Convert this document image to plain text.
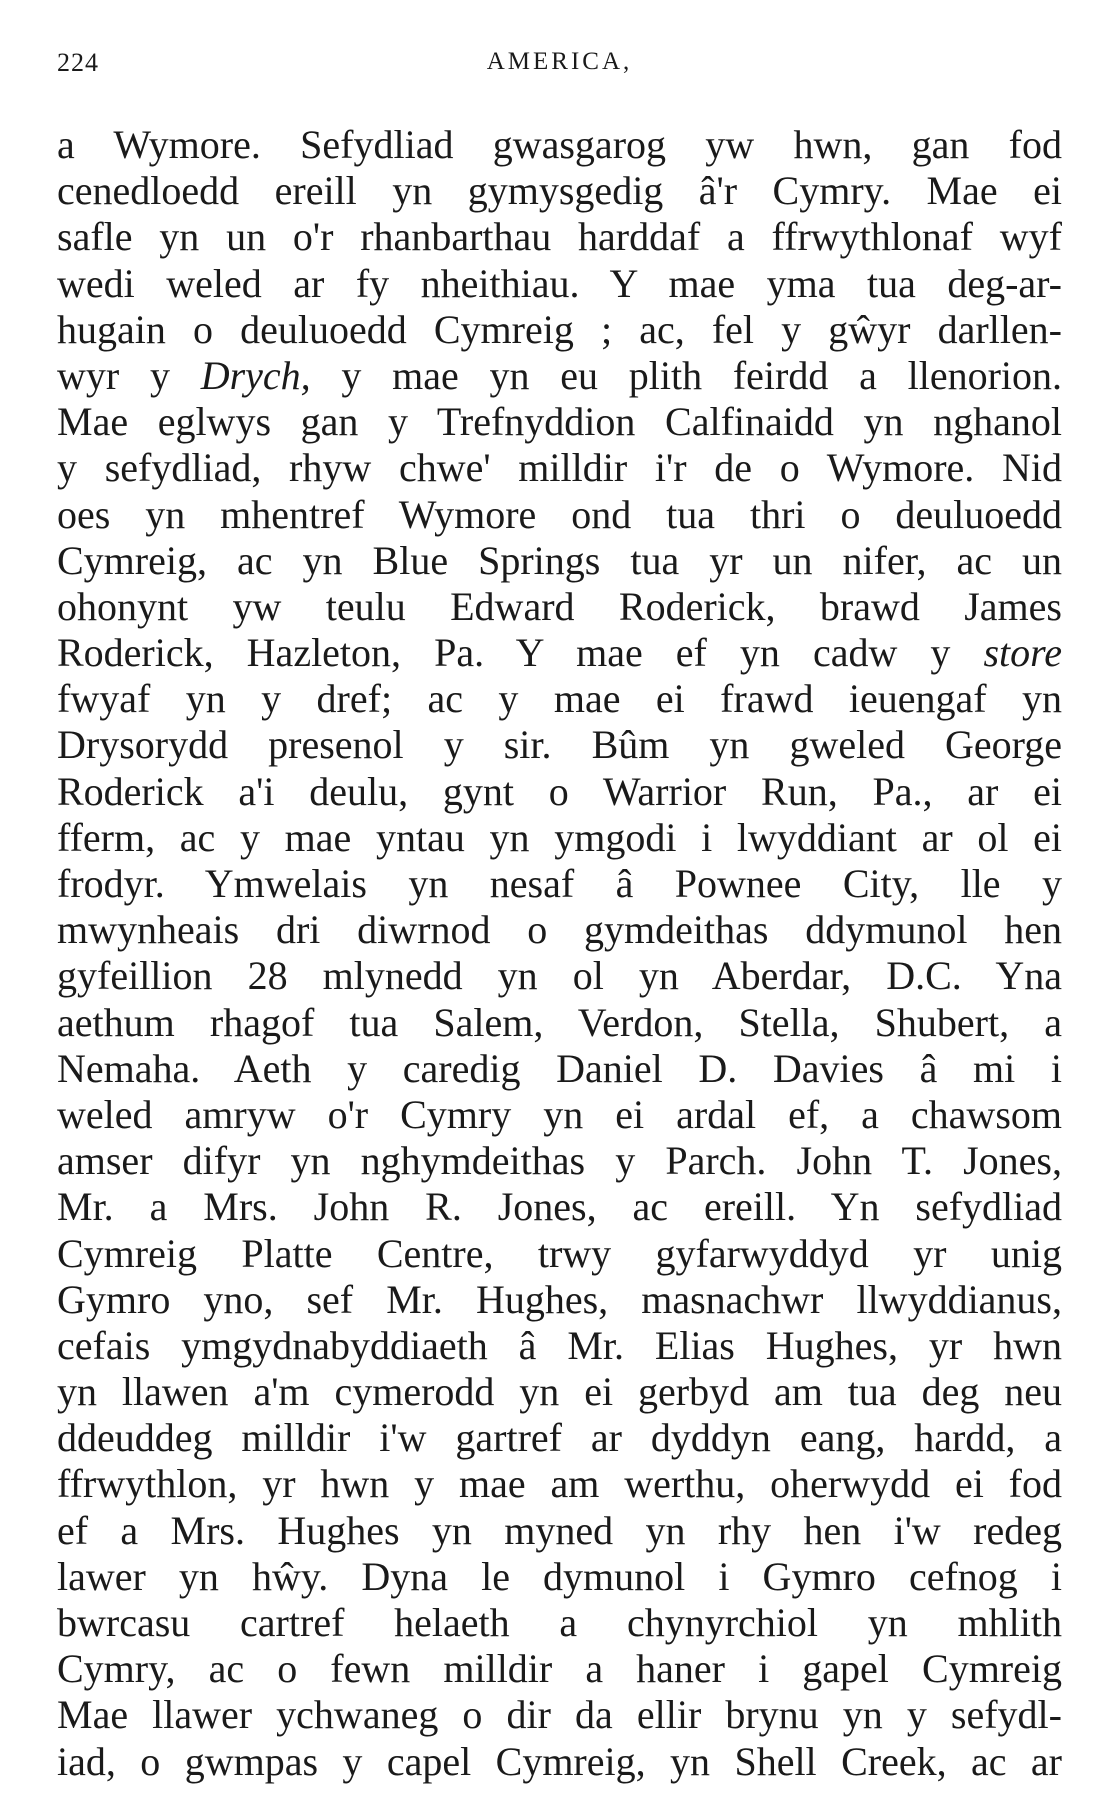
224	AMERICA,
a Wymore. Sefydliad gwasgarog yw hwn, gan fod
cenedloedd ereill yn gymysgedig â'r Cymry. Mae ei
safle yn un o'r rhanbarthau harddaf a ffrwythlonaf wyf
wedi weled ar fy nheithiau. Y mae yma tua deg-ar-
hugain o deuluoedd Cymreig ; ac, fel y gŵyr darllen-
wyr y Drych, y mae yn eu plith feirdd a llenorion.
Mae eglwys gan y Trefnyddion Calfinaidd yn nghanol
y sefydliad, rhyw chwe' milldir i'r de o Wymore. Nid
oes yn mhentref Wymore ond tua thri o deuluoedd
Cymreig, ac yn Blue Springs tua yr un nifer, ac un
ohonynt yw teulu Edward Roderick, brawd James
Roderick, Hazleton, Pa. Y mae ef yn cadw y store
fwyaf yn y dref; ac y mae ei frawd ieuengaf yn
Drysorydd presenol y sir. Bûm yn gweled George
Roderick a'i deulu, gynt o Warrior Run, Pa., ar ei
fferm, ac y mae yntau yn ymgodi i lwyddiant ar ol ei
frodyr. Ymwelais yn nesaf â Pownee City, lle y
mwynheais dri diwrnod o gymdeithas ddymunol hen
gyfeillion 28 mlynedd yn ol yn Aberdar, D.C. Yna
aethum rhagof tua Salem, Verdon, Stella, Shubert, a
Nemaha. Aeth y caredig Daniel D. Davies â mi i
weled amryw o'r Cymry yn ei ardal ef, a chawsom
amser difyr yn nghymdeithas y Parch. John T. Jones,
Mr. a Mrs. John R. Jones, ac ereill. Yn sefydliad
Cymreig Platte Centre, trwy gyfarwyddyd yr unig
Gymro yno, sef Mr. Hughes, masnachwr llwyddianus,
cefais ymgydnabyddiaeth â Mr. Elias Hughes, yr hwn
yn llawen a'm cymerodd yn ei gerbyd am tua deg neu
ddeuddeg milldir i'w gartref ar dyddyn eang, hardd, a
ffrwythlon, yr hwn y mae am werthu, oherwydd ei fod
ef a Mrs. Hughes yn myned yn rhy hen i'w redeg
lawer yn hŵy. Dyna le dymunol i Gymro cefnog i
bwrcasu cartref helaeth a chynyrchiol yn mhlith
Cymry, ac o fewn milldir a haner i gapel Cymreig
Mae llawer ychwaneg o dir da ellir brynu yn y sefydl-
iad, o gwmpas y capel Cymreig, yn Shell Creek, ac ar
